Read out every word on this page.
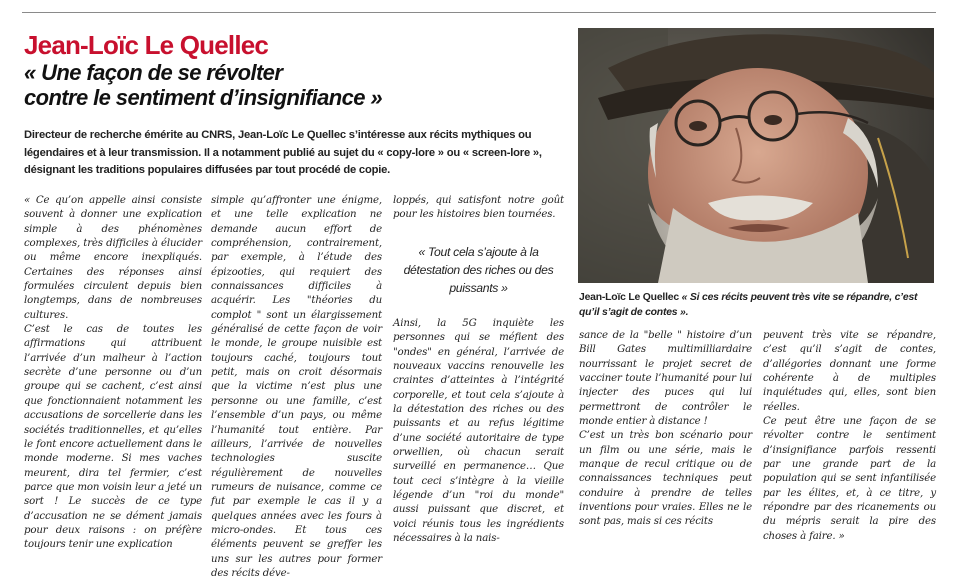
Jean-Loïc Le Quellec
« Une façon de se révolter
contre le sentiment d’insignifiance »
Directeur de recherche émérite au CNRS, Jean-Loïc Le Quellec s’intéresse aux récits mythiques ou légendaires et à leur transmission. Il a notamment publié au sujet du « copy-lore » ou « screen-lore », désignant les traditions populaires diffusées par tout procédé de copie.

« Ce qu’on appelle ainsi consiste souvent à donner une explication simple à des phénomènes complexes, très difficiles à élucider ou même encore inexpliqués. Certaines des réponses ainsi formulées circulent depuis bien longtemps, dans de nombreuses cultures.

C’est le cas de toutes les affirmations qui attribuent l’arrivée d’un malheur à l’action secrète d’une personne ou d’un groupe qui se cachent, c’est ainsi que fonctionnaient notamment les accusations de sorcellerie dans les sociétés traditionnelles, et qu’elles le font encore actuellement dans le monde moderne. Si mes vaches meurent, dira tel fermier, c’est parce que mon voisin leur a jeté un sort ! Le succès de ce type d’accusation ne se dément jamais pour deux raisons : on préfère toujours tenir une explication

simple qu’affronter une énigme, et une telle explication ne demande aucun effort de compréhension, contrairement, par exemple, à l’étude des épizooties, qui requiert des connaissances difficiles à acquérir. Les "théories du complot " sont un élargissement généralisé de cette façon de voir le monde, le groupe nuisible est toujours caché, toujours tout petit, mais on croit désormais que la victime n’est plus une personne ou une famille, c’est l’ensemble d’un pays, ou même l’humanité tout entière. Par ailleurs, l’arrivée de nouvelles technologies suscite régulièrement de nouvelles rumeurs de nuisance, comme ce fut par exemple le cas il y a quelques années avec les fours à micro-ondes. Et tous ces éléments peuvent se greffer les uns sur les autres pour former des récits déve-

loppés, qui satisfont notre goût pour les histoires bien tournées.

« Tout cela s’ajoute à la détestation des riches ou des puissants »

Ainsi, la 5G inquiète les personnes qui se méfient des "ondes" en général, l’arrivée de nouveaux vaccins renouvelle les craintes d’atteintes à l’intégrité corporelle, et tout cela s’ajoute à la détestation des riches ou des puissants et au refus légitime d’une société autoritaire de type orwellien, où chacun serait surveillé en permanence… Que tout ceci s’intègre à la vieille légende d’un "roi du monde" aussi puissant que discret, et voici réunis tous les ingrédients nécessaires à la nais-

sance de la "belle " histoire d’un Bill Gates multimilliardaire nourrissant le projet secret de vacciner toute l’humanité pour lui injecter des puces qui lui permettront de contrôler le monde entier à distance !

C’est un très bon scénario pour un film ou une série, mais le manque de recul critique ou de connaissances techniques peut conduire à prendre de telles inventions pour vraies. Elles ne le sont pas, mais si ces récits

peuvent très vite se répandre, c’est qu’il s’agit de contes, d’allégories donnant une forme cohérente à de multiples inquiétudes qui, elles, sont bien réelles.

Ce peut être une façon de se révolter contre le sentiment d’insignifiance parfois ressenti par une grande part de la population qui se sent infantilisée par les élites, et, à ce titre, y répondre par des ricanements ou du mépris serait la pire des choses à faire. »

Jean-Loïc Le Quellec « Si ces récits peuvent très vite se répandre, c’est qu’il s’agit de contes ».
